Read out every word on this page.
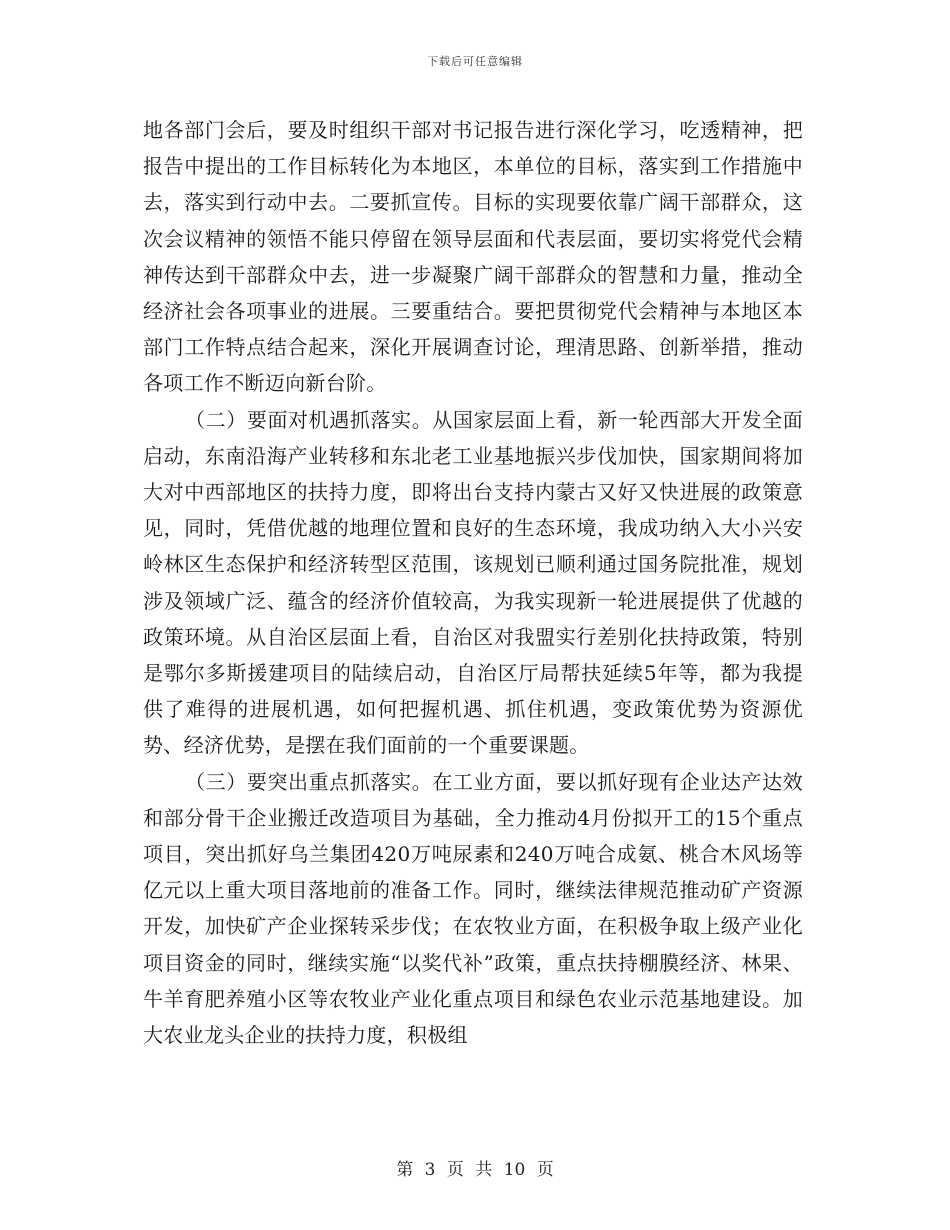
下载后可任意编辑

地各部门会后，要及时组织干部对书记报告进行深化学习，吃透精神，把报告中提出的工作目标转化为本地区，本单位的目标，落实到工作措施中去，落实到行动中去。二要抓宣传。目标的实现要依靠广阔干部群众，这次会议精神的领悟不能只停留在领导层面和代表层面，要切实将党代会精神传达到干部群众中去，进一步凝聚广阔干部群众的智慧和力量，推动全经济社会各项事业的进展。三要重结合。要把贯彻党代会精神与本地区本部门工作特点结合起来，深化开展调查讨论，理清思路、创新举措，推动各项工作不断迈向新台阶。

（二）要面对机遇抓落实。从国家层面上看，新一轮西部大开发全面启动，东南沿海产业转移和东北老工业基地振兴步伐加快，国家期间将加大对中西部地区的扶持力度，即将出台支持内蒙古又好又快进展的政策意见，同时，凭借优越的地理位置和良好的生态环境，我成功纳入大小兴安岭林区生态保护和经济转型区范围，该规划已顺利通过国务院批准，规划涉及领域广泛、蕴含的经济价值较高，为我实现新一轮进展提供了优越的政策环境。从自治区层面上看，自治区对我盟实行差别化扶持政策，特别是鄂尔多斯援建项目的陆续启动，自治区厅局帮扶延续5年等，都为我提供了难得的进展机遇，如何把握机遇、抓住机遇，变政策优势为资源优势、经济优势，是摆在我们面前的一个重要课题。

（三）要突出重点抓落实。在工业方面，要以抓好现有企业达产达效和部分骨干企业搬迁改造项目为基础，全力推动4月份拟开工的15个重点项目，突出抓好乌兰集团420万吨尿素和240万吨合成氨、桃合木风场等亿元以上重大项目落地前的准备工作。同时，继续法律规范推动矿产资源开发，加快矿产企业探转采步伐；在农牧业方面，在积极争取上级产业化项目资金的同时，继续实施“以奖代补”政策，重点扶持棚膜经济、林果、牛羊育肥养殖小区等农牧业产业化重点项目和绿色农业示范基地建设。加大农业龙头企业的扶持力度，积极组

第 3 页 共 10 页
